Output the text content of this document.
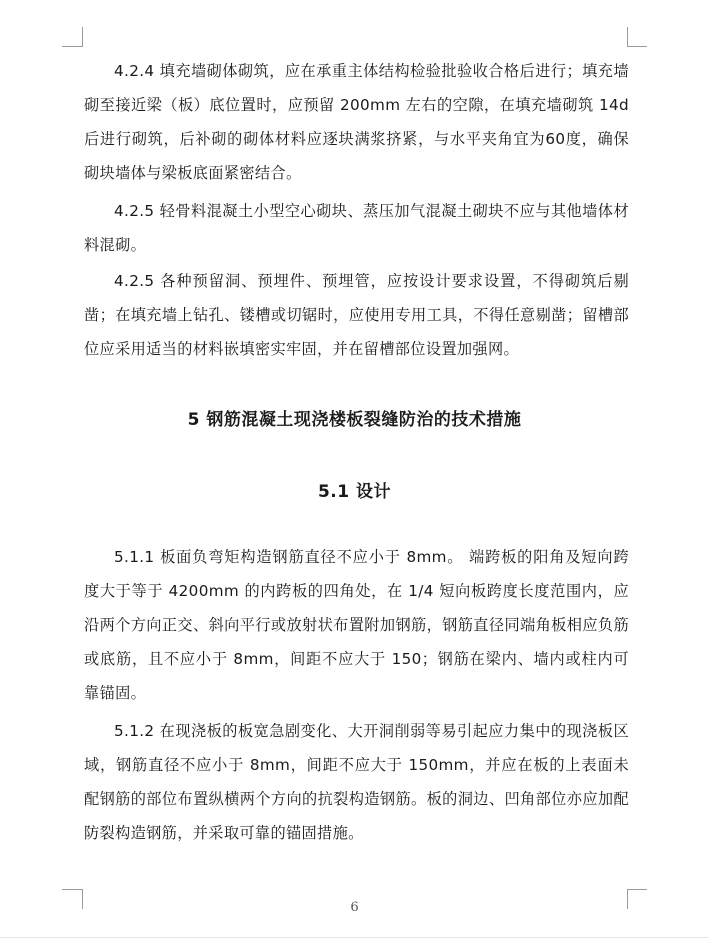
4.2.4 填充墙砌体砌筑，应在承重主体结构检验批验收合格后进行；填充墙砌至接近梁（板）底位置时，应预留 200mm 左右的空隙，在填充墙砌筑 14d 后进行砌筑，后补砌的砌体材料应逐块满浆挤紧，与水平夹角宜为60度，确保砌块墙体与梁板底面紧密结合。

4.2.5 轻骨料混凝土小型空心砌块、蒸压加气混凝土砌块不应与其他墙体材料混砌。

4.2.5 各种预留洞、预埋件、预埋管，应按设计要求设置，不得砌筑后剔凿；在填充墙上钻孔、镂槽或切锯时，应使用专用工具，不得任意剔凿；留槽部位应采用适当的材料嵌填密实牢固，并在留槽部位设置加强网。

5 钢筋混凝土现浇楼板裂缝防治的技术措施
5.1 设计

5.1.1 板面负弯矩构造钢筋直径不应小于 8mm。 端跨板的阳角及短向跨度大于等于 4200mm 的内跨板的四角处，在 1/4 短向板跨度长度范围内，应沿两个方向正交、斜向平行或放射状布置附加钢筋，钢筋直径同端角板相应负筋或底筋，且不应小于 8mm，间距不应大于 150；钢筋在梁内、墙内或柱内可靠锚固。

5.1.2 在现浇板的板宽急剧变化、大开洞削弱等易引起应力集中的现浇板区域，钢筋直径不应小于 8mm，间距不应大于 150mm，并应在板的上表面未配钢筋的部位布置纵横两个方向的抗裂构造钢筋。板的洞边、凹角部位亦应加配防裂构造钢筋，并采取可靠的锚固措施。

6
